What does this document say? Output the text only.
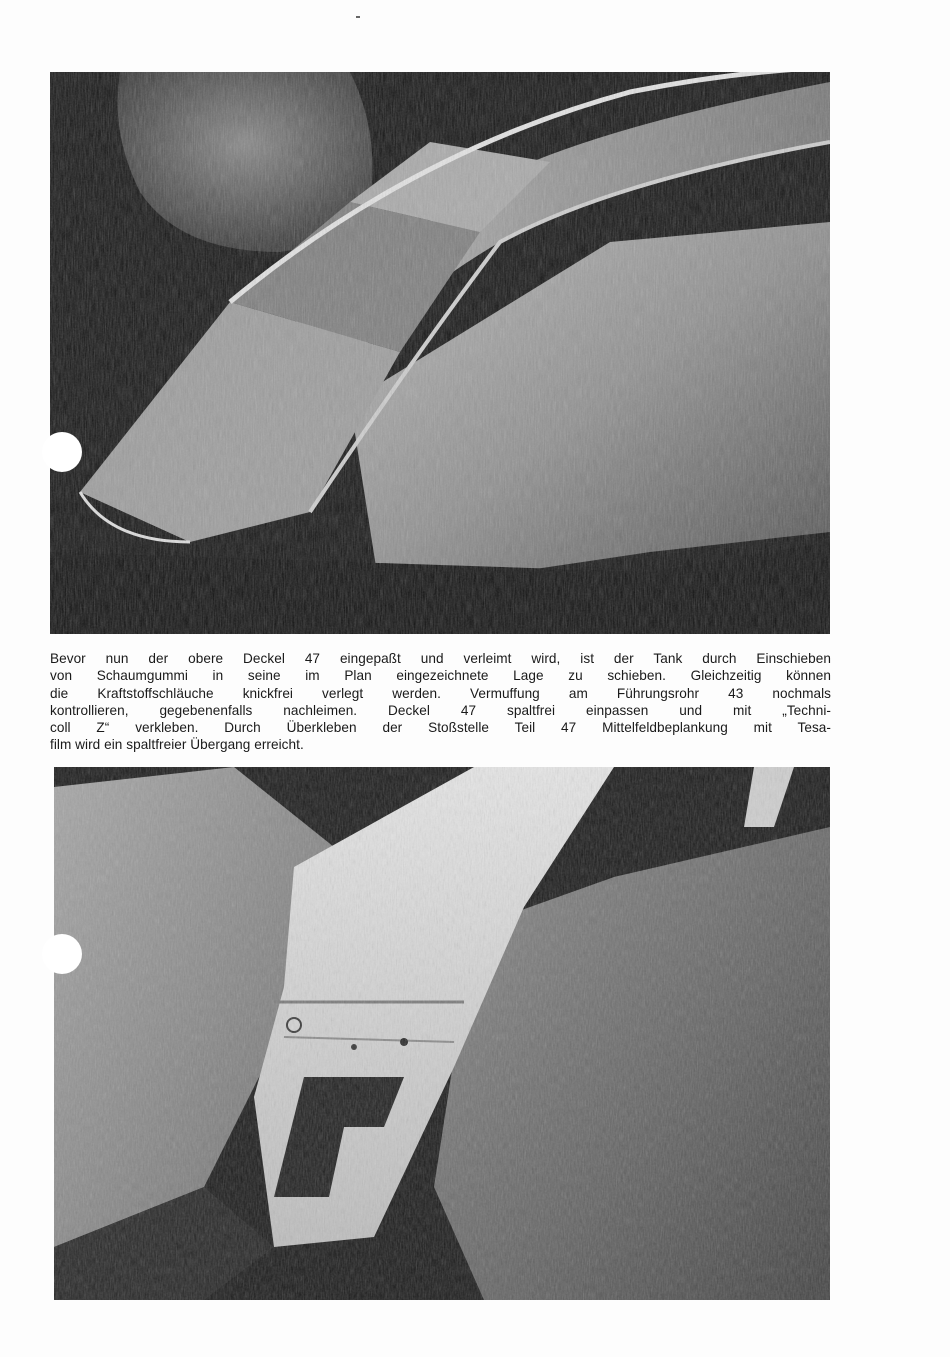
Bevor nun der obere Deckel 47 eingepaßt und verleimt wird, ist der Tank durch Einschieben
von Schaumgummi in seine im Plan eingezeichnete Lage zu schieben. Gleichzeitig können
die Kraftstoffschläuche knickfrei verlegt werden. Vermuffung am Führungsrohr 43 nochmals
kontrollieren, gegebenenfalls nachleimen. Deckel 47 spaltfrei einpassen und mit „Techni-
coll Z“ verkleben. Durch Überkleben der Stoßstelle Teil 47 Mittelfeldbeplankung mit Tesa-
film wird ein spaltfreier Übergang erreicht.
